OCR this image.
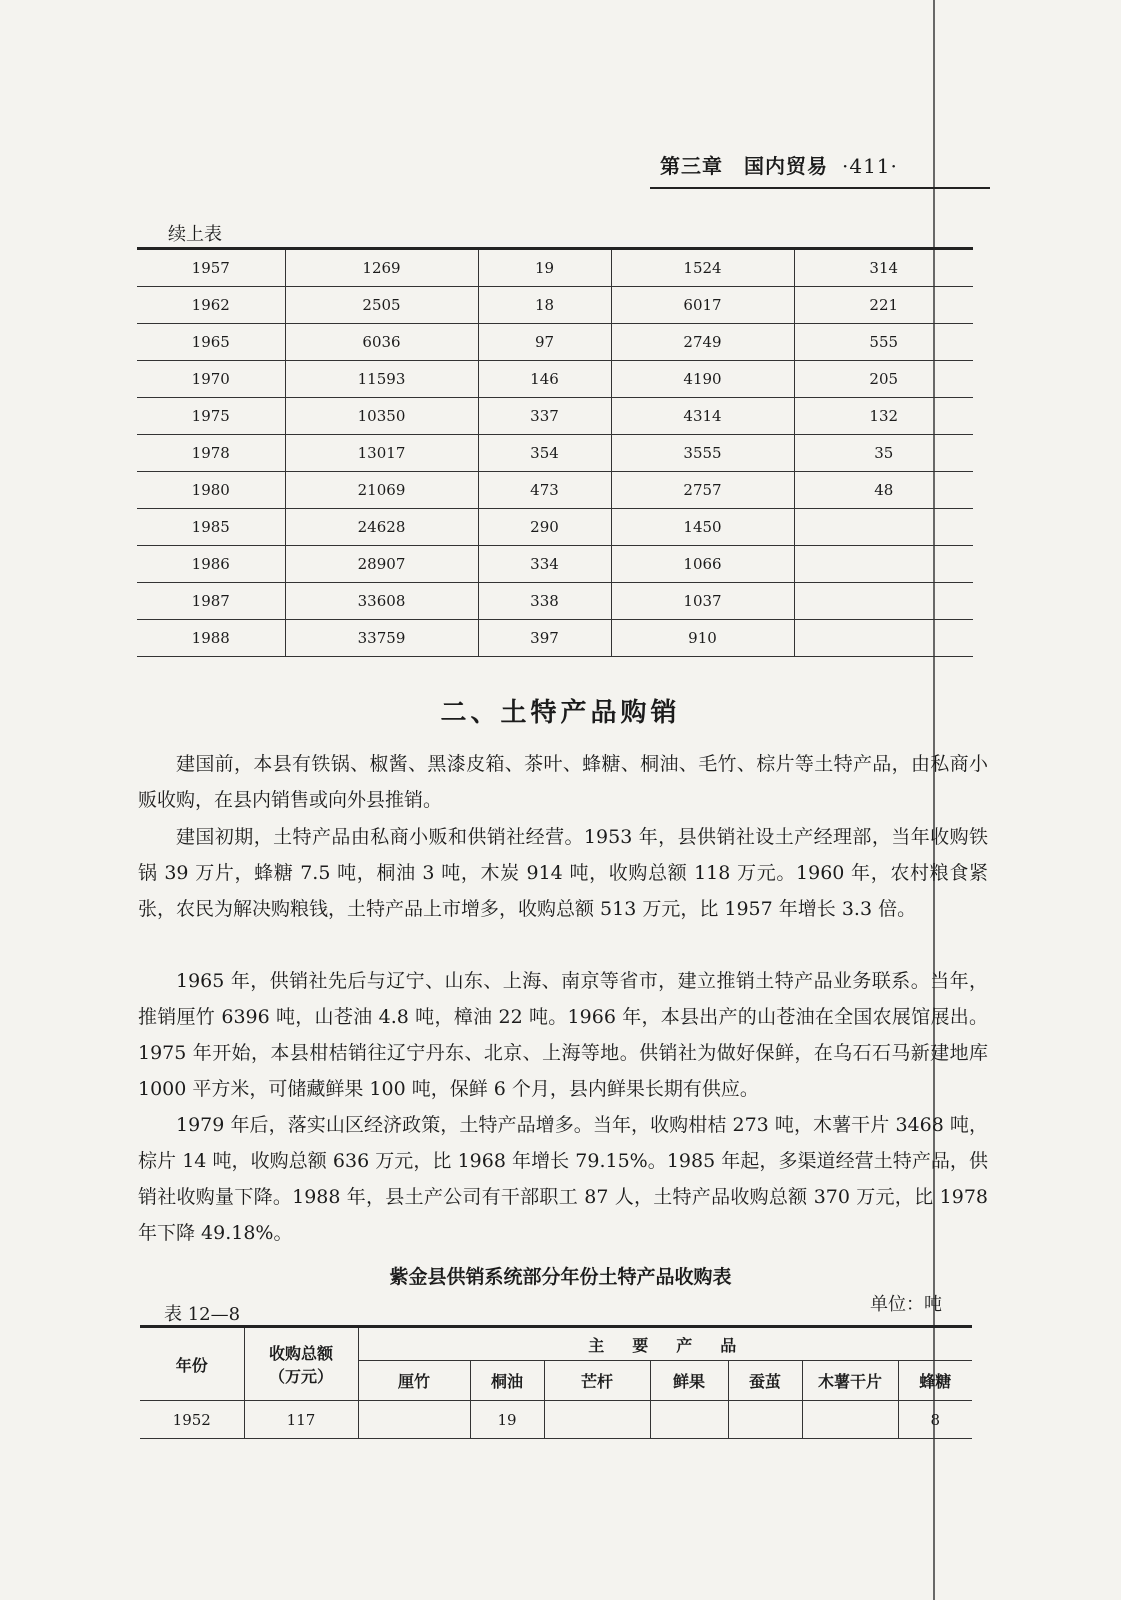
第三章　国内贸易 ·411·
续上表
1957	1269	19	1524	314
1962	2505	18	6017	221
1965	6036	97	2749	555
1970	11593	146	4190	205
1975	10350	337	4314	132
1978	13017	354	3555	35
1980	21069	473	2757	48
1985	24628	290	1450	
1986	28907	334	1066	
1987	33608	338	1037	
1988	33759	397	910	
二、土特产品购销
建国前，本县有铁锅、椒酱、黑漆皮箱、茶叶、蜂糖、桐油、毛竹、棕片等土特产品，由私商小贩收购，在县内销售或向外县推销。
建国初期，土特产品由私商小贩和供销社经营。1953 年，县供销社设土产经理部，当年收购铁锅 39 万片，蜂糖 7.5 吨，桐油 3 吨，木炭 914 吨，收购总额 118 万元。1960 年，农村粮食紧张，农民为解决购粮钱，土特产品上市增多，收购总额 513 万元，比 1957 年增长 3.3 倍。
1965 年，供销社先后与辽宁、山东、上海、南京等省市，建立推销土特产品业务联系。当年，推销厘竹 6396 吨，山苍油 4.8 吨，樟油 22 吨。1966 年，本县出产的山苍油在全国农展馆展出。1975 年开始，本县柑桔销往辽宁丹东、北京、上海等地。供销社为做好保鲜，在乌石石马新建地库 1000 平方米，可储藏鲜果 100 吨，保鲜 6 个月，县内鲜果长期有供应。
1979 年后，落实山区经济政策，土特产品增多。当年，收购柑桔 273 吨，木薯干片 3468 吨，棕片 14 吨，收购总额 636 万元，比 1968 年增长 79.15%。1985 年起，多渠道经营土特产品，供销社收购量下降。1988 年，县土产公司有干部职工 87 人，土特产品收购总额 370 万元，比 1978 年下降 49.18%。
紫金县供销系统部分年份土特产品收购表
表 12—8	单位：吨
年份	收购总额
（万元）	主　要　产　品						
		厘竹	桐油	芒杆	鲜果	蚕茧	木薯干片	蜂糖
1952	117		19					8
